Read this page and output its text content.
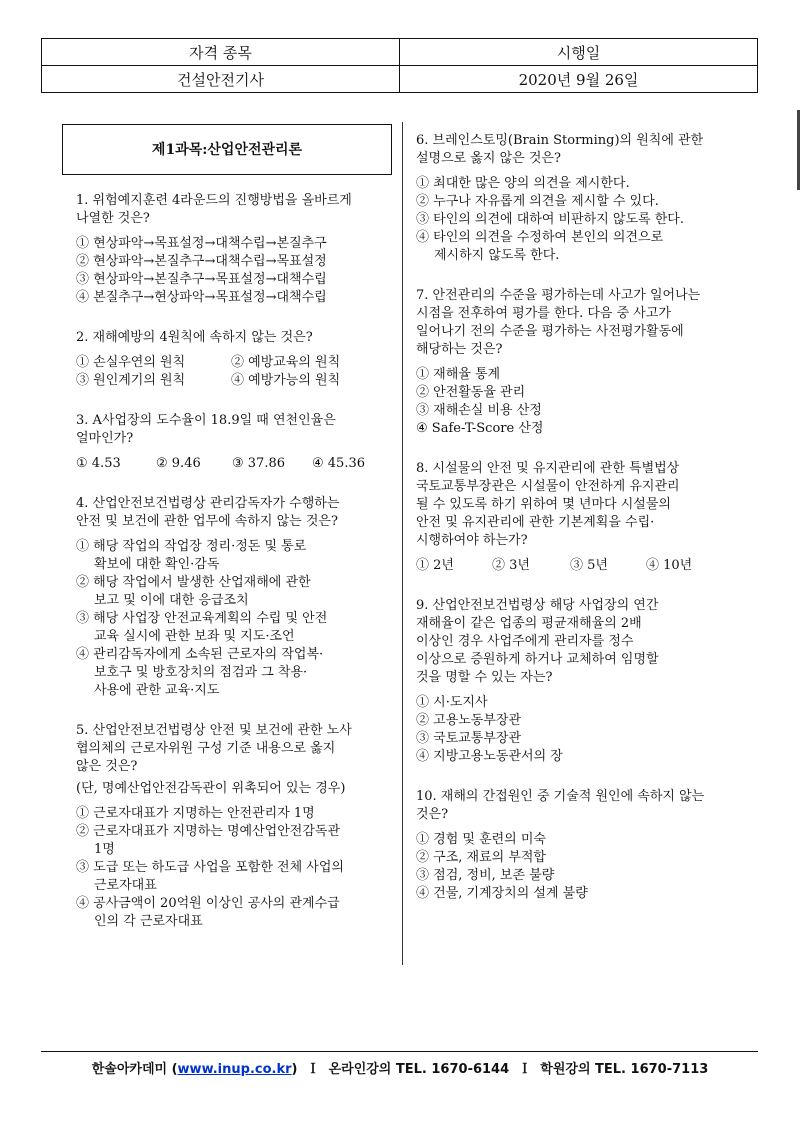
자격 종목	시행일
건설안전기사	2020년 9월 26일
제1과목:산업안전관리론
1. 위험예지훈련 4라운드의 진행방법을 올바르게
나열한 것은?
① 현상파악→목표설정→대책수립→본질추구
② 현상파악→본질추구→대책수립→목표설정
③ 현상파악→본질추구→목표설정→대책수립
④ 본질추구→현상파악→목표설정→대책수립
2. 재해예방의 4원칙에 속하지 않는 것은?
① 손실우연의 원칙	② 예방교육의 원칙
③ 원인계기의 원칙	④ 예방가능의 원칙
3. A사업장의 도수율이 18.9일 때 연천인율은
얼마인가?
① 4.53	② 9.46	③ 37.86	④ 45.36
4. 산업안전보건법령상 관리감독자가 수행하는
안전 및 보건에 관한 업무에 속하지 않는 것은?
① 해당 작업의 작업장 정리·정돈 및 통로
확보에 대한 확인·감독
② 해당 작업에서 발생한 산업재해에 관한
보고 및 이에 대한 응급조치
③ 해당 사업장 안전교육계획의 수립 및 안전
교육 실시에 관한 보좌 및 지도·조언
④ 관리감독자에게 소속된 근로자의 작업복·
보호구 및 방호장치의 점검과 그 착용·
사용에 관한 교육·지도
5. 산업안전보건법령상 안전 및 보건에 관한 노사
협의체의 근로자위원 구성 기준 내용으로 옳지
않은 것은?
(단, 명예산업안전감독관이 위촉되어 있는 경우)
① 근로자대표가 지명하는 안전관리자 1명
② 근로자대표가 지명하는 명예산업안전감독관
1명
③ 도급 또는 하도급 사업을 포함한 전체 사업의
근로자대표
④ 공사금액이 20억원 이상인 공사의 관계수급
인의 각 근로자대표
6. 브레인스토밍(Brain Storming)의 원칙에 관한
설명으로 옳지 않은 것은?
① 최대한 많은 양의 의견을 제시한다.
② 누구나 자유롭게 의견을 제시할 수 있다.
③ 타인의 의견에 대하여 비판하지 않도록 한다.
④ 타인의 의견을 수정하여 본인의 의견으로
제시하지 않도록 한다.
7. 안전관리의 수준을 평가하는데 사고가 일어나는
시점을 전후하여 평가를 한다. 다음 중 사고가
일어나기 전의 수준을 평가하는 사전평가활동에
해당하는 것은?
① 재해율 통계
② 안전활동율 관리
③ 재해손실 비용 산정
④ Safe-T-Score 산정
8. 시설물의 안전 및 유지관리에 관한 특별법상
국토교통부장관은 시설물이 안전하게 유지관리
될 수 있도록 하기 위하여 몇 년마다 시설물의
안전 및 유지관리에 관한 기본계획을 수립·
시행하여야 하는가?
① 2년	② 3년	③ 5년	④ 10년
9. 산업안전보건법령상 해당 사업장의 연간
재해율이 같은 업종의 평균재해율의 2배
이상인 경우 사업주에게 관리자를 정수
이상으로 증원하게 하거나 교체하여 임명할
것을 명할 수 있는 자는?
① 시·도지사
② 고용노동부장관
③ 국토교통부장관
④ 지방고용노동관서의 장
10. 재해의 간접원인 중 기술적 원인에 속하지 않는
것은?
① 경험 및 훈련의 미숙
② 구조, 재료의 부적합
③ 점검, 정비, 보존 불량
④ 건물, 기계장치의 설계 불량
한솔아카데미 (www.inup.co.kr)  Ｉ  온라인강의 TEL. 1670-6144  Ｉ  학원강의 TEL. 1670-7113
